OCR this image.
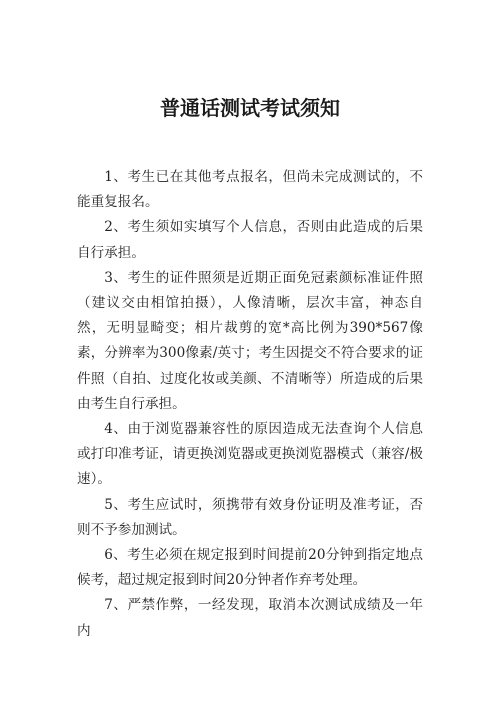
普通话测试考试须知

1、考生已在其他考点报名，但尚未完成测试的，不能重复报名。

2、考生须如实填写个人信息，否则由此造成的后果自行承担。

3、考生的证件照须是近期正面免冠素颜标准证件照（建议交由相馆拍摄），人像清晰，层次丰富，神态自然，无明显畸变；相片裁剪的宽*高比例为390*567像素，分辨率为300像素/英寸；考生因提交不符合要求的证件照（自拍、过度化妆或美颜、不清晰等）所造成的后果由考生自行承担。

4、由于浏览器兼容性的原因造成无法查询个人信息或打印准考证，请更换浏览器或更换浏览器模式（兼容/极速）。

5、考生应试时，须携带有效身份证明及准考证，否则不予参加测试。

6、考生必须在规定报到时间提前20分钟到指定地点候考，超过规定报到时间20分钟者作弃考处理。

7、严禁作弊，一经发现，取消本次测试成绩及一年内
